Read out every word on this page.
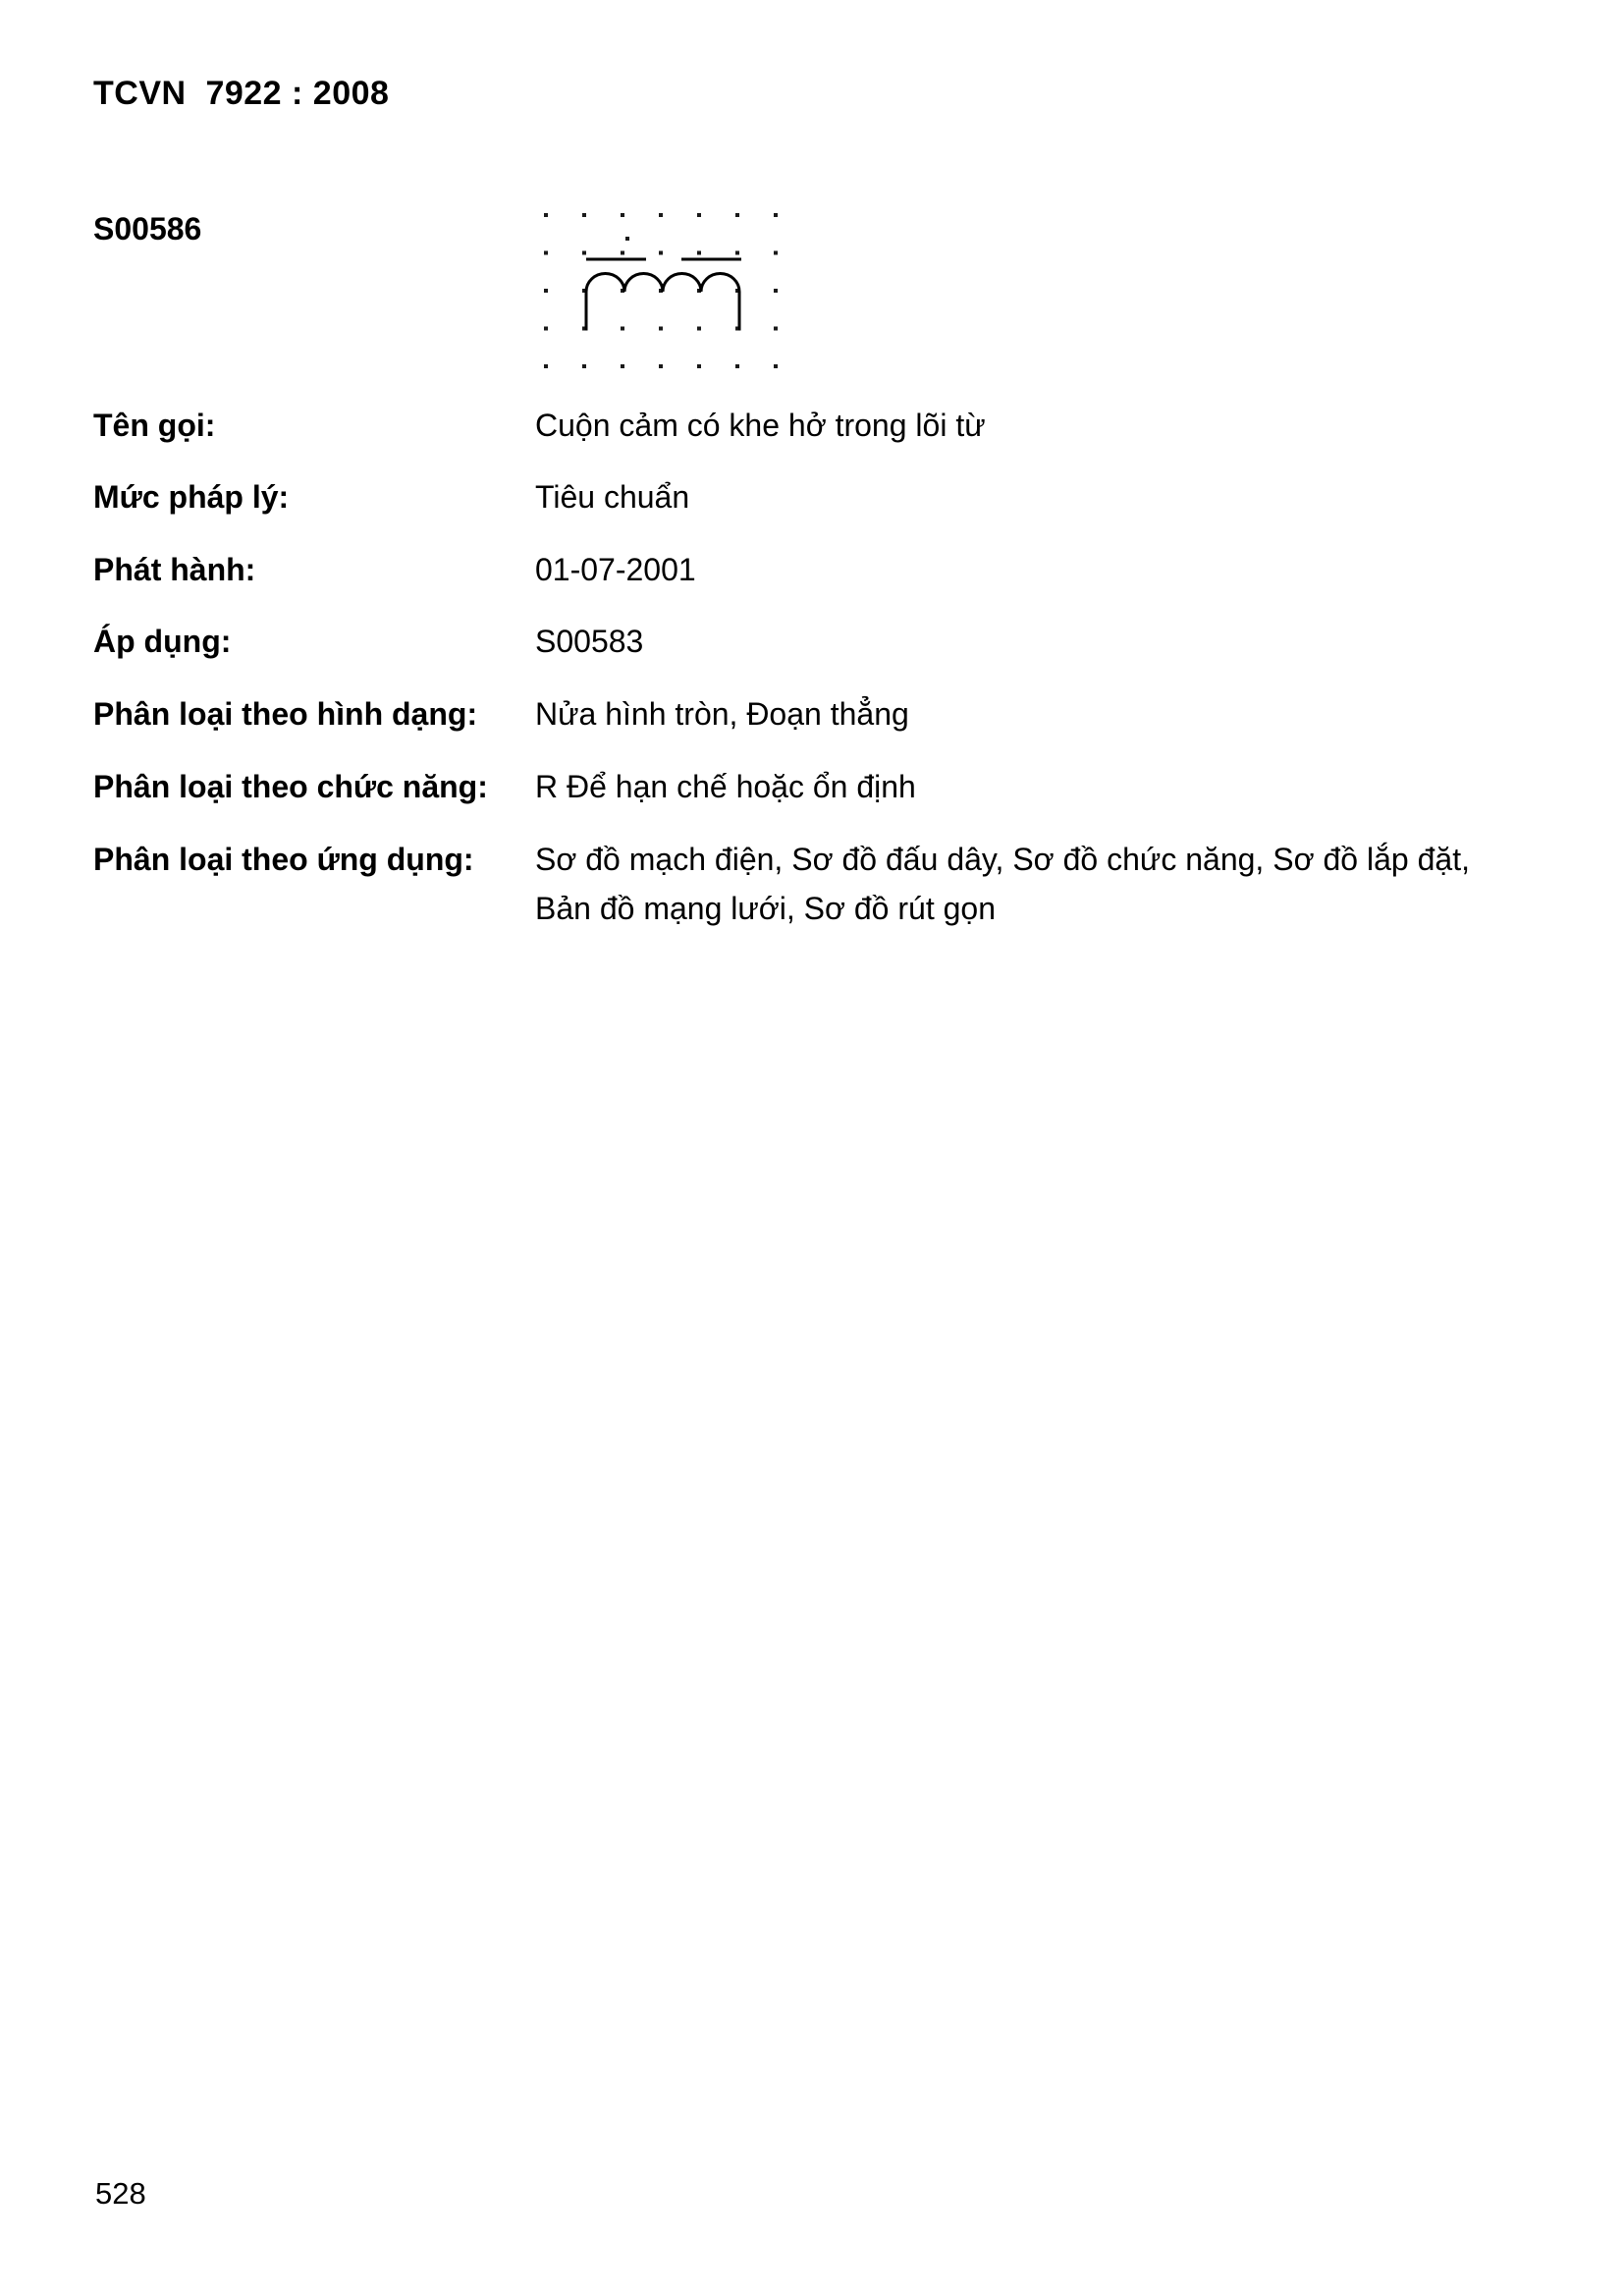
TCVN  7922 : 2008
S00586
Tên gọi:	Cuộn cảm có khe hở trong lõi từ
Mức pháp lý:	Tiêu chuẩn
Phát hành:	01-07-2001
Áp dụng:	S00583
Phân loại theo hình dạng:	Nửa hình tròn, Đoạn thẳng
Phân loại theo chức năng:	R Để hạn chế hoặc ổn định
Phân loại theo ứng dụng:	Sơ đồ mạch điện, Sơ đồ đấu dây, Sơ đồ chức năng, Sơ đồ lắp đặt,
Bản đồ mạng lưới, Sơ đồ rút gọn
528
